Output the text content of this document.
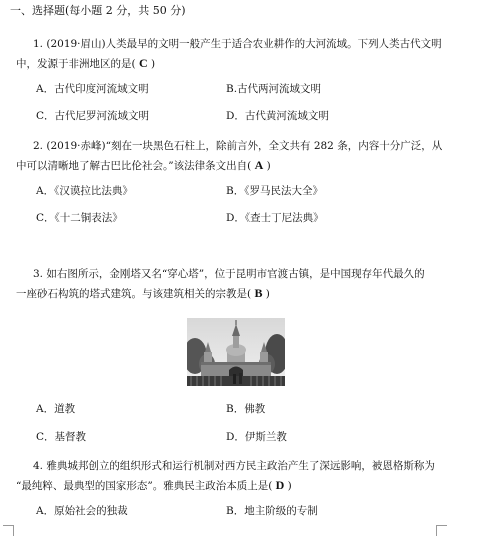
一、选择题(每小题 2 分，共 50 分)
1. (2019·眉山)人类最早的文明一般产生于适合农业耕作的大河流域。下列人类古代文明
中，发源于非洲地区的是( C )
A．古代印度河流域文明	B.古代两河流域文明
C．古代尼罗河流域文明	D．古代黄河流域文明
2. (2019·赤峰)“刻在一块黑色石柱上，除前言外，全文共有 282 条，内容十分广泛，从
中可以清晰地了解古巴比伦社会。”该法律条文出自( A )
A．《汉谟拉比法典》	B．《罗马民法大全》
C．《十二铜表法》	D．《查士丁尼法典》
3. 如右图所示，金刚塔又名“穿心塔”，位于昆明市官渡古镇，是中国现存年代最久的
一座砂石构筑的塔式建筑。与该建筑相关的宗教是( B )
A．道教	B．佛教
C．基督教	D．伊斯兰教
4. 雅典城邦创立的组织形式和运行机制对西方民主政治产生了深远影响，被恩格斯称为
“最纯粹、最典型的国家形态”。雅典民主政治本质上是( D )
A．原始社会的独裁	B．地主阶级的专制
